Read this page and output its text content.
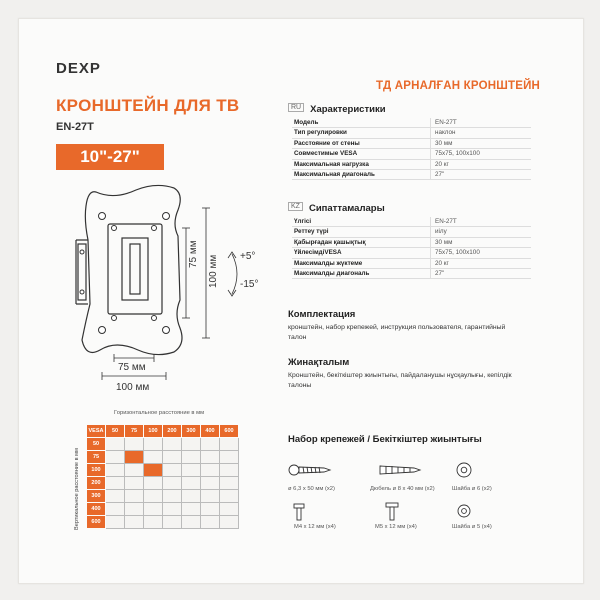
DEXP
КРОНШТЕЙН ДЛЯ ТВ
EN-27T
10"-27"
ТД АРНАЛҒАН КРОНШТЕЙН
75 мм
100 мм +5°
-15°
75 мм
100 мм
RU Характеристики
Модель	EN-27T
Тип регулировки	наклон
Расстояние от стены	30 мм
Совместимые VESA	75x75, 100x100
Максимальная нагрузка	20 кг
Максимальная диагональ	27"
KZ Сипаттамалары
Үлгісі	EN-27T
Реттеу түрі	иілу
Қабырғадан қашықтық	30 мм
ҮйлесімдіVESA	75x75, 100x100
Максималды жүктеме	20 кг
Максималды диагональ	27"
Комплектация
кронштейн, набор крепежей, инструкция пользователя, гарантийный талон
Жинақталым
Кронштейн, бекіткіштер жиынтығы, пайдаланушы нұсқаулығы, кепілдік талоны
Горизонтальное расстояние в мм
Вертикальное расстояние в мм
VESA	50	75	100	200	300	400	600
50							
75							
100							
200							
300							
400							
600							
Набор крепежей / Бекіткіштер жиынтығы
ø 6,3 x 50 мм (x2)	Дюбель ø 8 x 40 мм (x2)	Шайба ø 6 (x2)
M4 x 12 мм (x4)	M5 x 12 мм (x4)	Шайба ø 5 (x4)
